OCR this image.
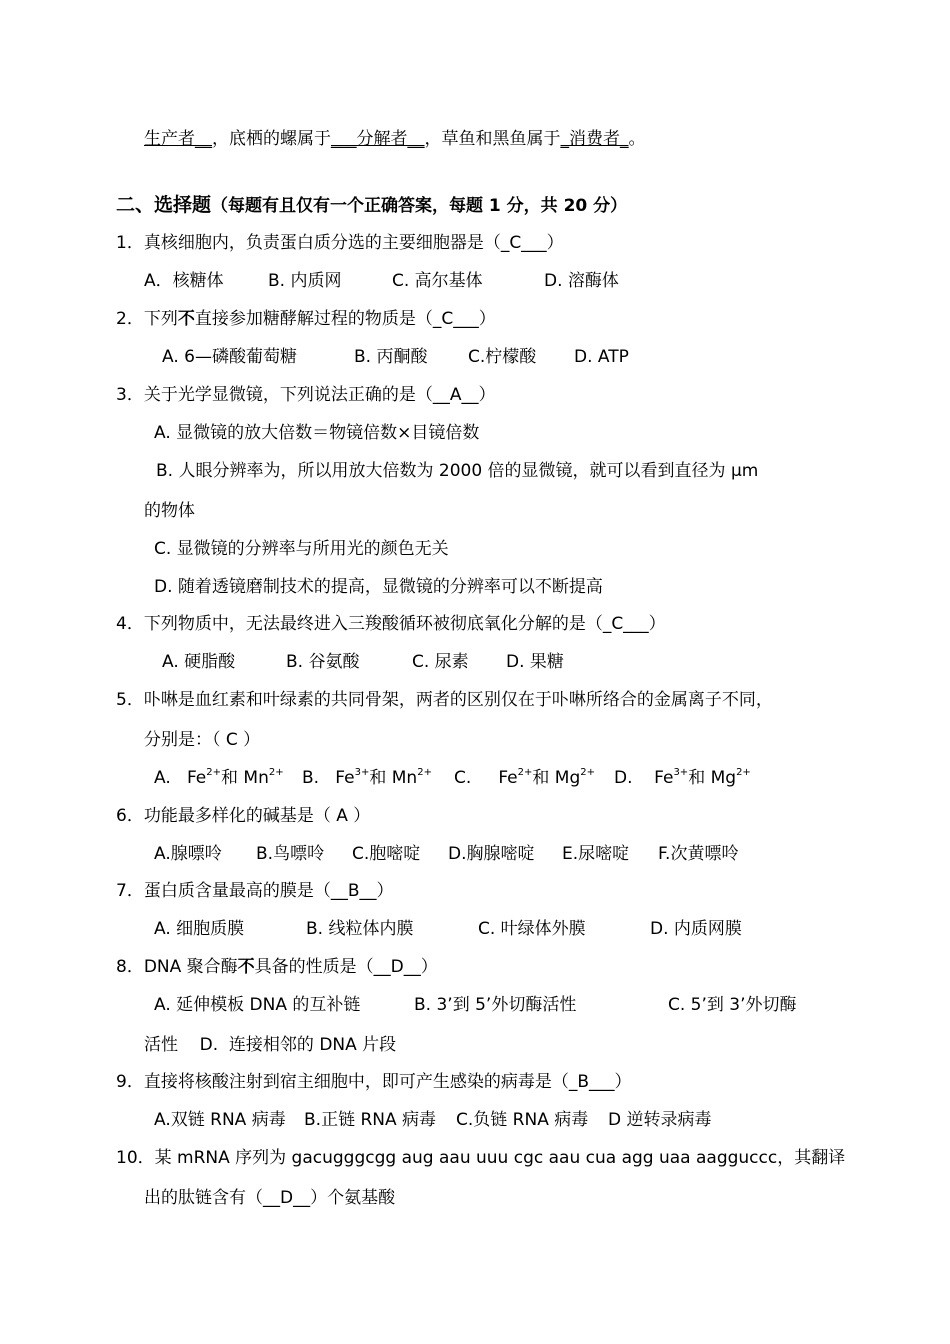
生产者__，底栖的螺属于___分解者__，草鱼和黑鱼属于_消费者_。
二、选择题（每题有且仅有一个正确答案，每题 1 分，共 20 分）
1．真核细胞内，负责蛋白质分选的主要细胞器是（_C___）
A．核糖体	B. 内质网	C. 高尔基体	D. 溶酶体
2．下列不直接参加糖酵解过程的物质是（_C___）
A. 6—磷酸葡萄糖	B. 丙酮酸 C.柠檬酸 D. ATP
3．关于光学显微镜，下列说法正确的是（__A__）
A. 显微镜的放大倍数＝物镜倍数×目镜倍数
B. 人眼分辨率为，所以用放大倍数为 2000 倍的显微镜，就可以看到直径为 μm
的物体
C. 显微镜的分辨率与所用光的颜色无关
D. 随着透镜磨制技术的提高，显微镜的分辨率可以不断提高
4．下列物质中，无法最终进入三羧酸循环被彻底氧化分解的是（_C___）
A. 硬脂酸	B. 谷氨酸	C. 尿素 D. 果糖
5．卟啉是血红素和叶绿素的共同骨架，两者的区别仅在于卟啉所络合的金属离子不同，
分别是：（ C ）
A. $Fe^{2+}$和 $Mn^{2+}$ B. $Fe^{3+}$和 $Mn^{2+}$ C. $Fe^{2+}$和 $Mg^{2+}$ D. $Fe^{3+}$和 $Mg^{2+}$
6．功能最多样化的碱基是（ A ）
A.腺嘌呤 B.鸟嘌呤 C.胞嘧啶 D.胸腺嘧啶 E.尿嘧啶 F.次黄嘌呤
7．蛋白质含量最高的膜是（__B__）
A. 细胞质膜	B. 线粒体内膜	C. 叶绿体外膜	D. 内质网膜
8．DNA 聚合酶不具备的性质是（__D__）
A. 延伸模板 DNA 的互补链	B. 3’到 5’外切酶活性	C. 5’到 3’外切酶
活性    D.  连接相邻的 DNA 片段
9．直接将核酸注射到宿主细胞中，即可产生感染的病毒是（_B___）
A.双链 RNA 病毒 B.正链 RNA 病毒 C.负链 RNA 病毒 D 逆转录病毒
10．某 mRNA 序列为 gacugggcgg aug aau uuu cgc aau cua agg uaa aagguccc，其翻译
出的肽链含有（__D__）个氨基酸
